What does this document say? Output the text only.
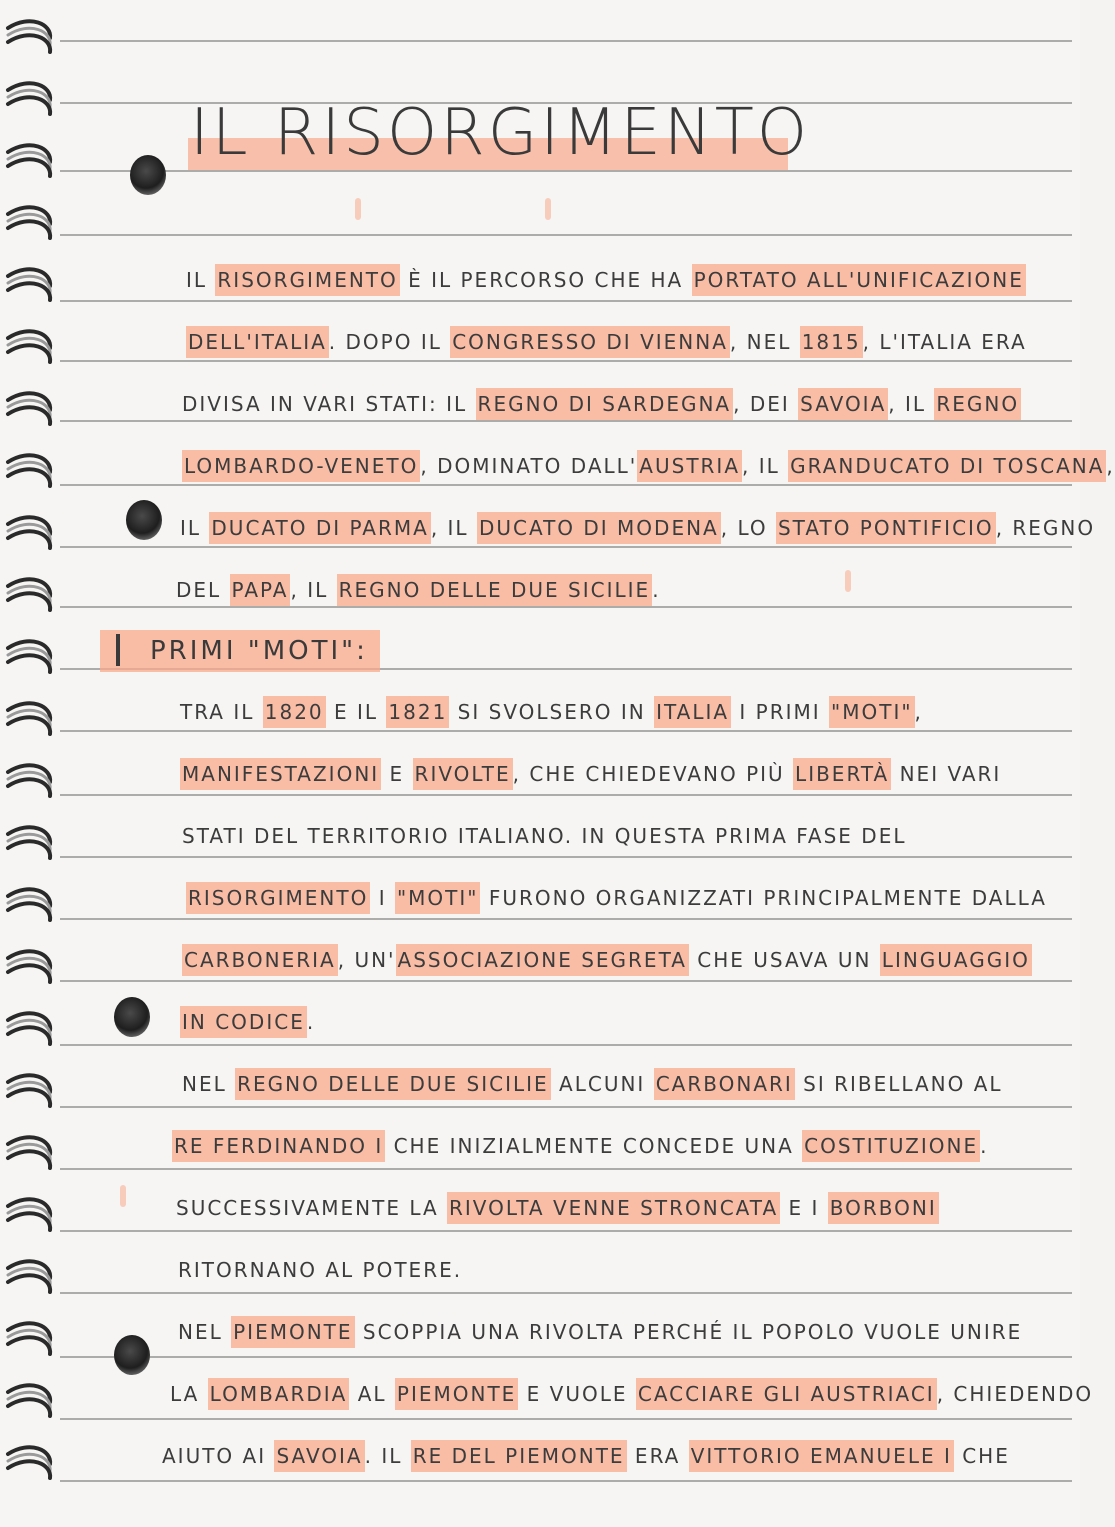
IL RISORGIMENTO
IL RISORGIMENTO È IL PERCORSO CHE HA PORTATO ALL'UNIFICAZIONE
DELL'ITALIA . DOPO IL CONGRESSO DI VIENNA , NEL 1815 , L'ITALIA ERA
DIVISA IN VARI STATI: IL REGNO DI SARDEGNA , DEI SAVOIA , IL REGNO
LOMBARDO-VENETO , DOMINATO DALL' AUSTRIA , IL GRANDUCATO DI TOSCANA ,
IL DUCATO DI PARMA , IL DUCATO DI MODENA , LO STATO PONTIFICIO , REGNO
DEL PAPA , IL REGNO DELLE DUE SICILIE .
PRIMI "MOTI":
TRA IL 1820 E IL 1821 SI SVOLSERO IN ITALIA I PRIMI "MOTI" ,
MANIFESTAZIONI E RIVOLTE , CHE CHIEDEVANO PIÙ LIBERTÀ NEI VARI
STATI DEL TERRITORIO ITALIANO. IN QUESTA PRIMA FASE DEL
RISORGIMENTO I "MOTI" FURONO ORGANIZZATI PRINCIPALMENTE DALLA
CARBONERIA , UN' ASSOCIAZIONE SEGRETA CHE USAVA UN LINGUAGGIO
IN CODICE .
NEL REGNO DELLE DUE SICILIE ALCUNI CARBONARI SI RIBELLANO AL
RE FERDINANDO I CHE INIZIALMENTE CONCEDE UNA COSTITUZIONE .
SUCCESSIVAMENTE LA RIVOLTA VENNE STRONCATA E I BORBONI
RITORNANO AL POTERE.
NEL PIEMONTE SCOPPIA UNA RIVOLTA PERCHÉ IL POPOLO VUOLE UNIRE
LA LOMBARDIA AL PIEMONTE E VUOLE CACCIARE GLI AUSTRIACI , CHIEDENDO
AIUTO AI SAVOIA . IL RE DEL PIEMONTE ERA VITTORIO EMANUELE I CHE
